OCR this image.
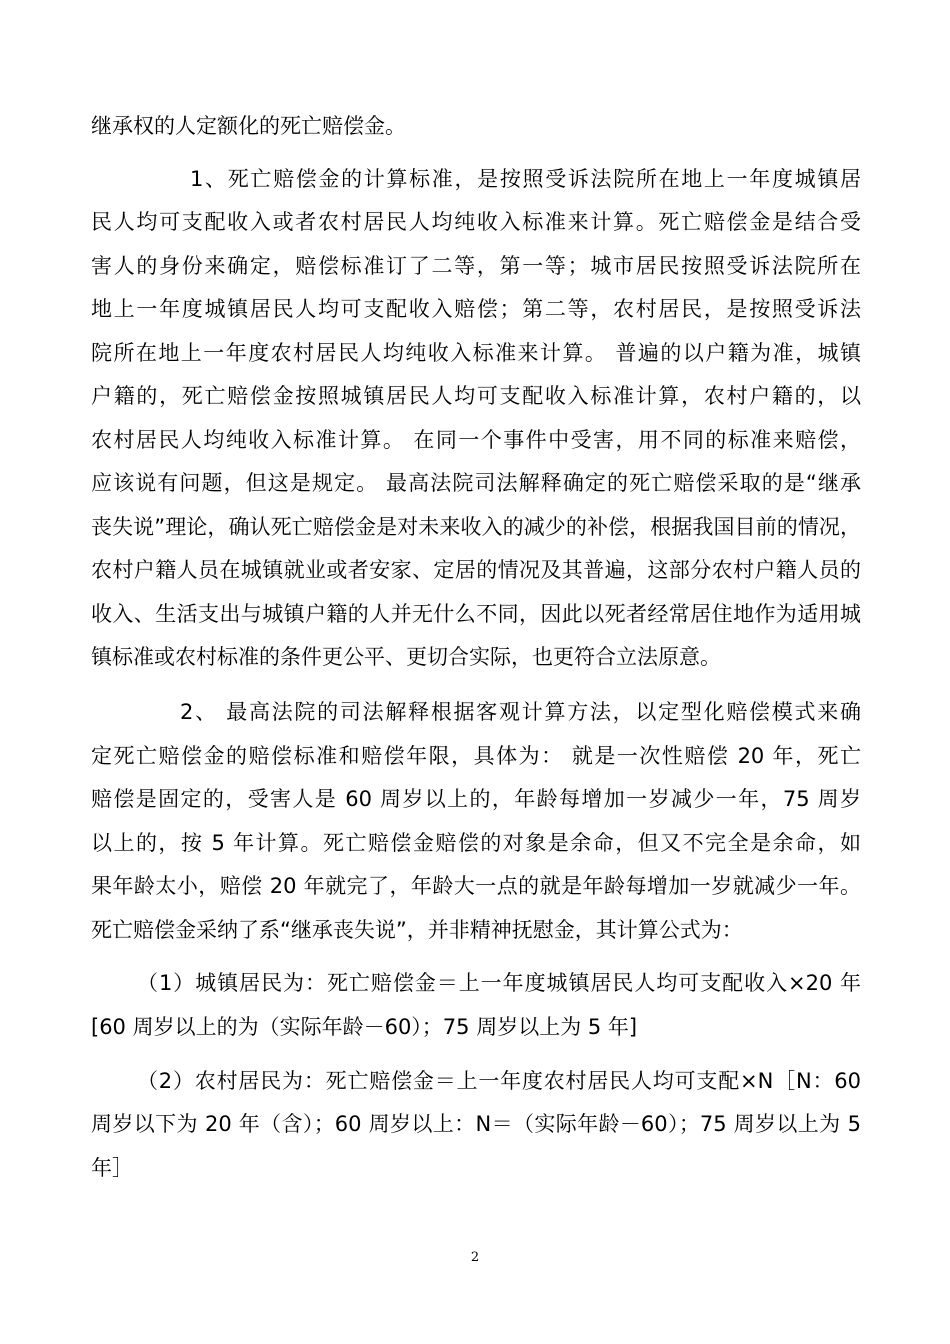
继承权的人定额化的死亡赔偿金。
1、死亡赔偿金的计算标准，是按照受诉法院所在地上一年度城镇居
民人均可支配收入或者农村居民人均纯收入标准来计算。死亡赔偿金是结合受
害人的身份来确定，赔偿标准订了二等，第一等；城市居民按照受诉法院所在
地上一年度城镇居民人均可支配收入赔偿；第二等，农村居民，是按照受诉法
院所在地上一年度农村居民人均纯收入标准来计算。 普遍的以户籍为准，城镇
户籍的，死亡赔偿金按照城镇居民人均可支配收入标准计算，农村户籍的，以
农村居民人均纯收入标准计算。 在同一个事件中受害，用不同的标准来赔偿，
应该说有问题，但这是规定。 最高法院司法解释确定的死亡赔偿采取的是“继承
丧失说”理论，确认死亡赔偿金是对未来收入的减少的补偿，根据我国目前的情况，
农村户籍人员在城镇就业或者安家、定居的情况及其普遍，这部分农村户籍人员的
收入、生活支出与城镇户籍的人并无什么不同，因此以死者经常居住地作为适用城
镇标准或农村标准的条件更公平、更切合实际，也更符合立法原意。
2、 最高法院的司法解释根据客观计算方法，以定型化赔偿模式来确
定死亡赔偿金的赔偿标准和赔偿年限，具体为： 就是一次性赔偿 20 年，死亡
赔偿是固定的，受害人是 60 周岁以上的，年龄每增加一岁减少一年，75 周岁
以上的，按 5 年计算。死亡赔偿金赔偿的对象是余命，但又不完全是余命，如
果年龄太小，赔偿 20 年就完了，年龄大一点的就是年龄每增加一岁就减少一年。
死亡赔偿金采纳了系“继承丧失说”，并非精神抚慰金，其计算公式为：
（1）城镇居民为：死亡赔偿金＝上一年度城镇居民人均可支配收入×20 年
[60 周岁以上的为（实际年龄－60）；75 周岁以上为 5 年]
（2）农村居民为：死亡赔偿金＝上一年度农村居民人均可支配×N［N：60
周岁以下为 20 年（含）；60 周岁以上：N＝（实际年龄－60）；75 周岁以上为 5
年］
2
